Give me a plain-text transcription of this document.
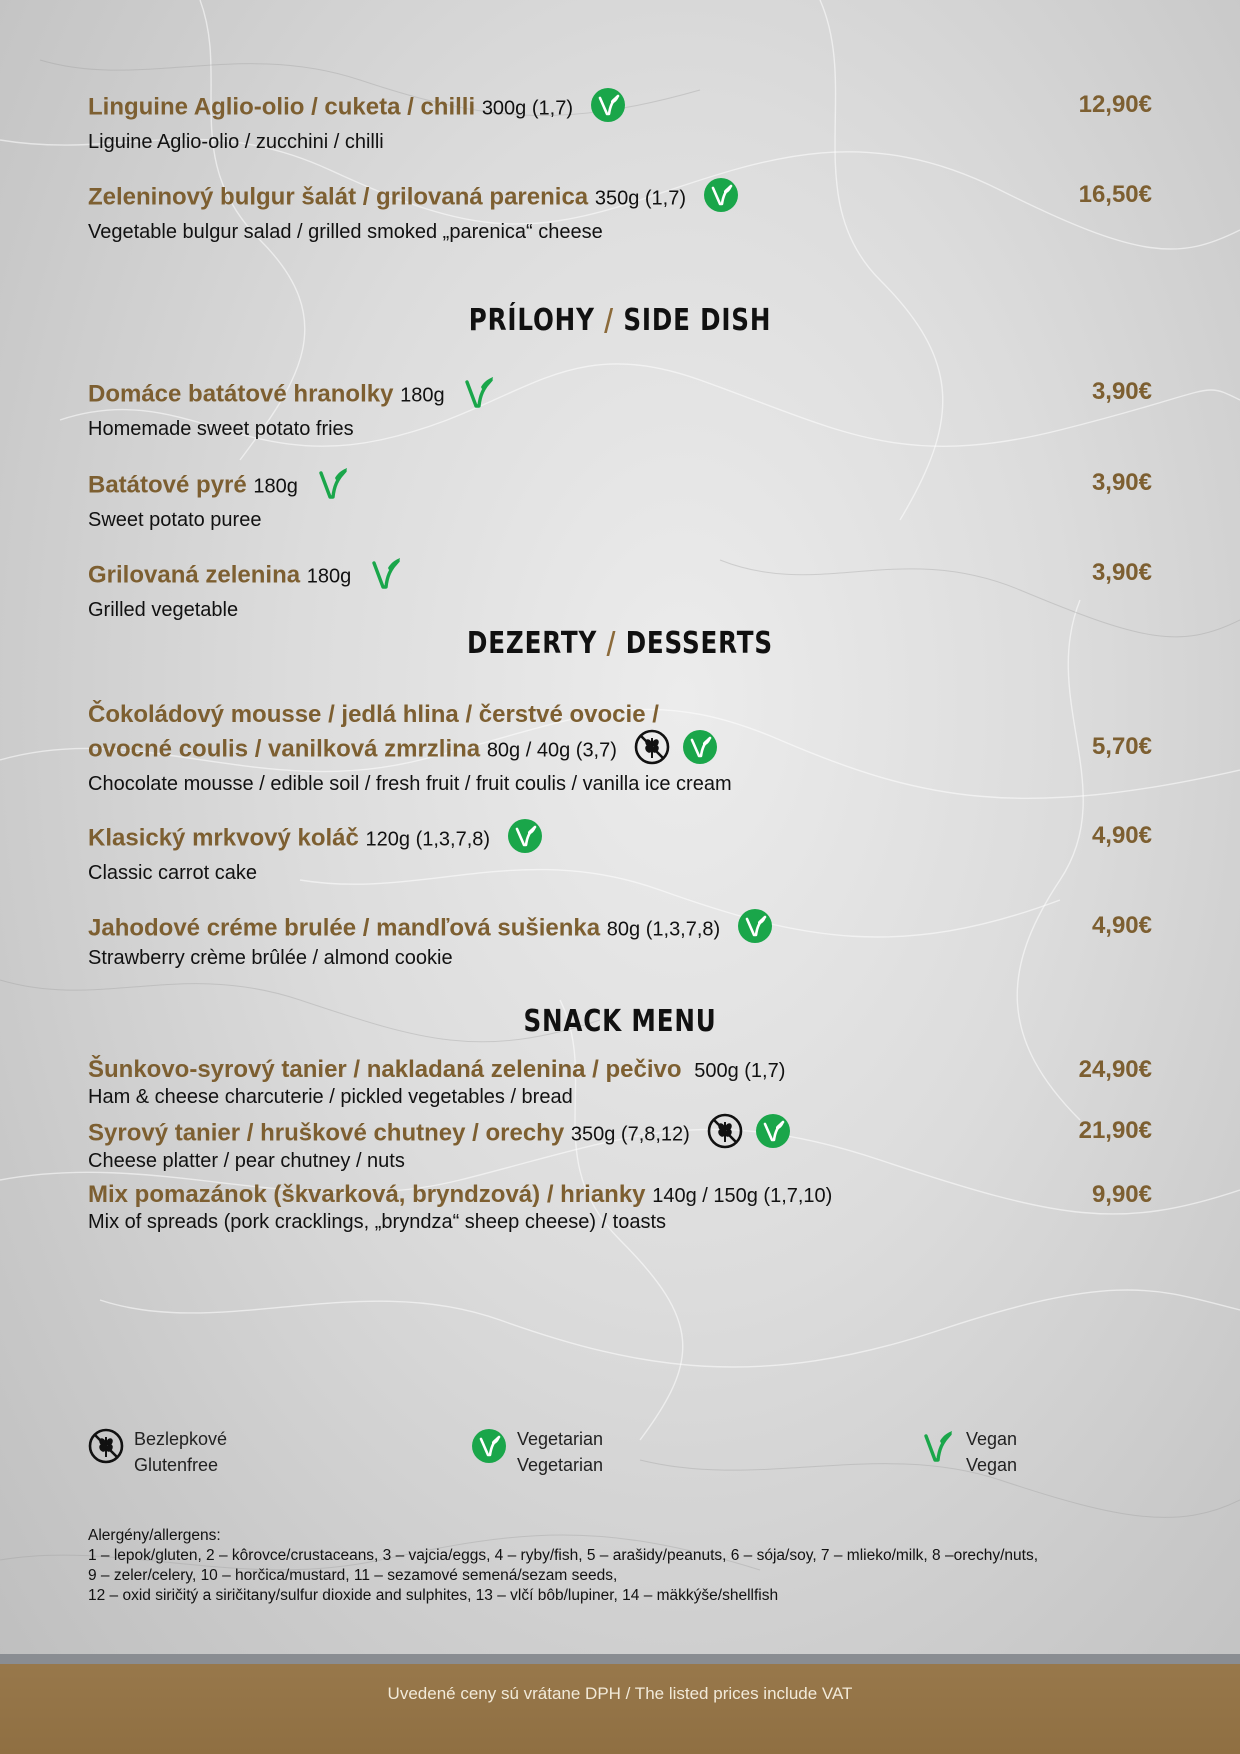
Linguine Aglio-olio / cuketa / chilli 300g (1,7)	12,90€
Liguine Aglio-olio / zucchini / chilli
Zeleninový bulgur šalát / grilovaná parenica 350g (1,7)	16,50€
Vegetable bulgur salad / grilled smoked „parenica“ cheese
PRÍLOHY / SIDE DISH
Domáce batátové hranolky 180g	3,90€
Homemade sweet potato fries
Batátové pyré 180g	3,90€
Sweet potato puree
Grilovaná zelenina 180g	3,90€
Grilled vegetable
DEZERTY / DESSERTS
Čokoládový mousse / jedlá hlina / čerstvé ovocie /
ovocné coulis / vanilková zmrzlina 80g / 40g (3,7)	5,70€
Chocolate mousse / edible soil / fresh fruit / fruit coulis / vanilla ice cream
Klasický mrkvový koláč 120g (1,3,7,8)	4,90€
Classic carrot cake
Jahodové créme brulée / mandľová sušienka 80g (1,3,7,8)	4,90€
Strawberry crème brûlée / almond cookie
SNACK MENU
Šunkovo-syrový tanier / nakladaná zelenina / pečivo 500g (1,7)	24,90€
Ham & cheese charcuterie / pickled vegetables / bread
Syrový tanier / hruškové chutney / orechy 350g (7,8,12)	21,90€
Cheese platter / pear chutney / nuts
Mix pomazánok (škvarková, bryndzová) / hrianky 140g / 150g (1,7,10)	9,90€
Mix of spreads (pork cracklings, „bryndza“ sheep cheese) / toasts
Bezlepkové
Glutenfree
Vegetarian
Vegetarian
Vegan
Vegan
Alergény/allergens:
1 – lepok/gluten, 2 – kôrovce/crustaceans, 3 – vajcia/eggs, 4 – ryby/fish, 5 – arašidy/peanuts, 6 – sója/soy, 7 – mlieko/milk, 8 –orechy/nuts,
9 – zeler/celery, 10 – horčica/mustard, 11 – sezamové semená/sezam seeds,
12 – oxid siričitý a siričitany/sulfur dioxide and sulphites, 13 – vlčí bôb/lupiner, 14 – mäkkýše/shellfish
Uvedené ceny sú vrátane DPH / The listed prices include VAT
